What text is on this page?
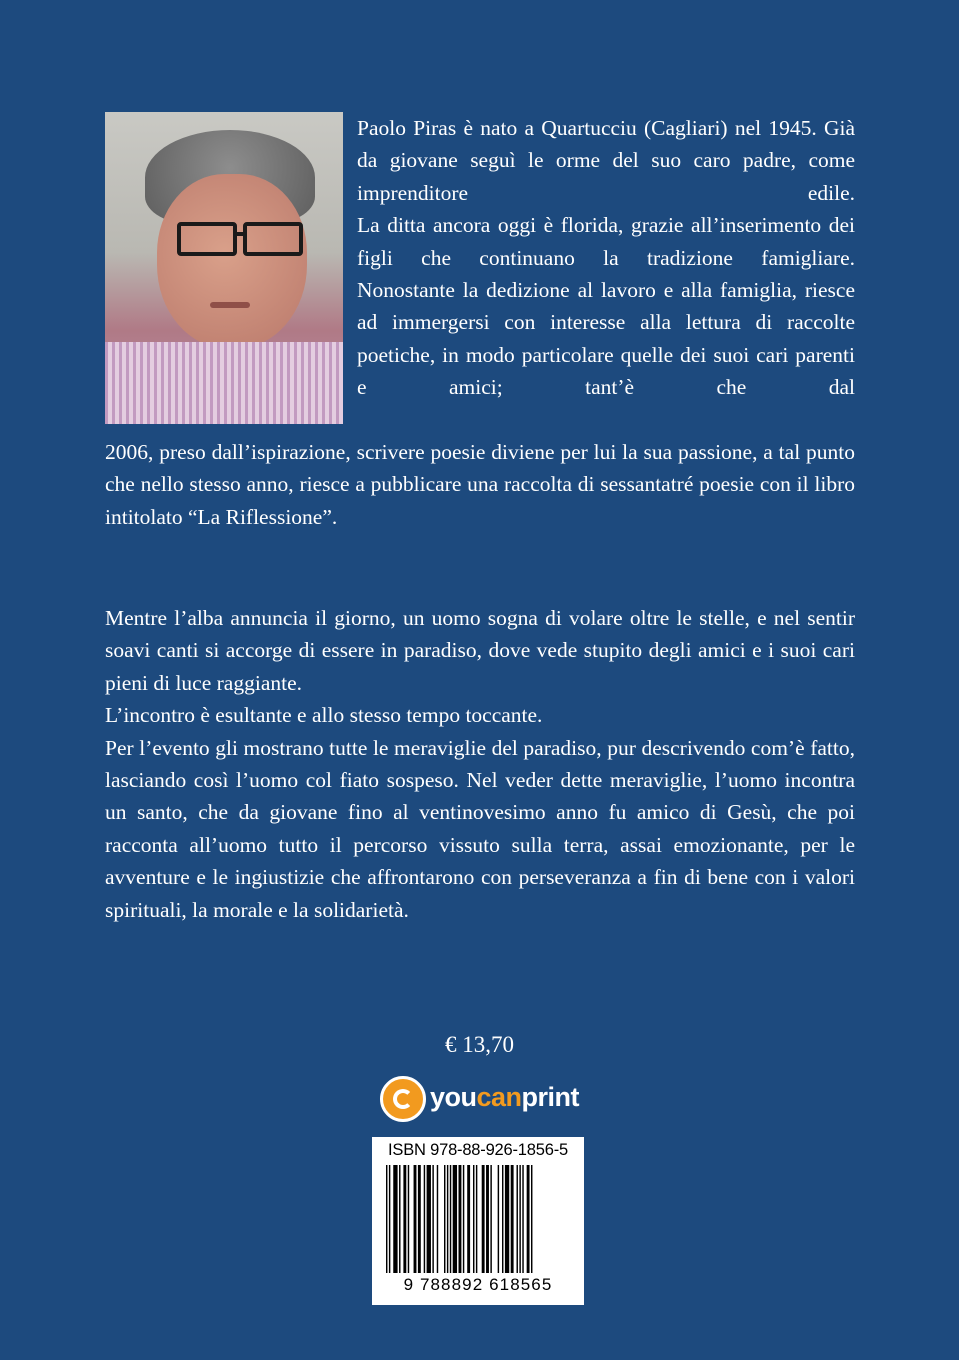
Paolo Piras è nato a Quartucciu (Cagliari) nel 1945. Già da giovane seguì le orme del suo caro padre, come imprenditore edile.
La ditta ancora oggi è florida, grazie all’inserimento dei figli che continuano la tradizione famigliare.
Nonostante la dedizione al lavoro e alla famiglia, riesce ad immergersi con interesse alla lettura di raccolte poetiche, in modo particolare quelle dei suoi cari parenti e amici; tant’è che dal
2006, preso dall’ispirazione, scrivere poesie diviene per lui la sua passione, a tal punto che nello stesso anno, riesce a pubblicare una raccolta di sessantatré poesie con il libro intitolato “La Riflessione”.
Mentre l’alba annuncia il giorno, un uomo sogna di volare oltre le stelle, e nel sentir soavi canti si accorge di essere in paradiso, dove vede stupito degli amici e i suoi cari pieni di luce raggiante.
L’incontro è esultante e allo stesso tempo toccante.
Per l’evento gli mostrano tutte le meraviglie del paradiso, pur descrivendo com’è fatto, lasciando così l’uomo col fiato sospeso. Nel veder dette meraviglie, l’uomo incontra un santo, che da giovane fino al ventinovesimo anno fu amico di Gesù, che poi racconta all’uomo tutto il percorso vissuto sulla terra, assai emozionante, per le avventure e le ingiustizie che affrontarono con perseveranza a fin di bene con i valori spirituali, la morale e la solidarietà.
€ 13,70
youcanprint
ISBN 978-88-926-1856-5
9 788892 618565
